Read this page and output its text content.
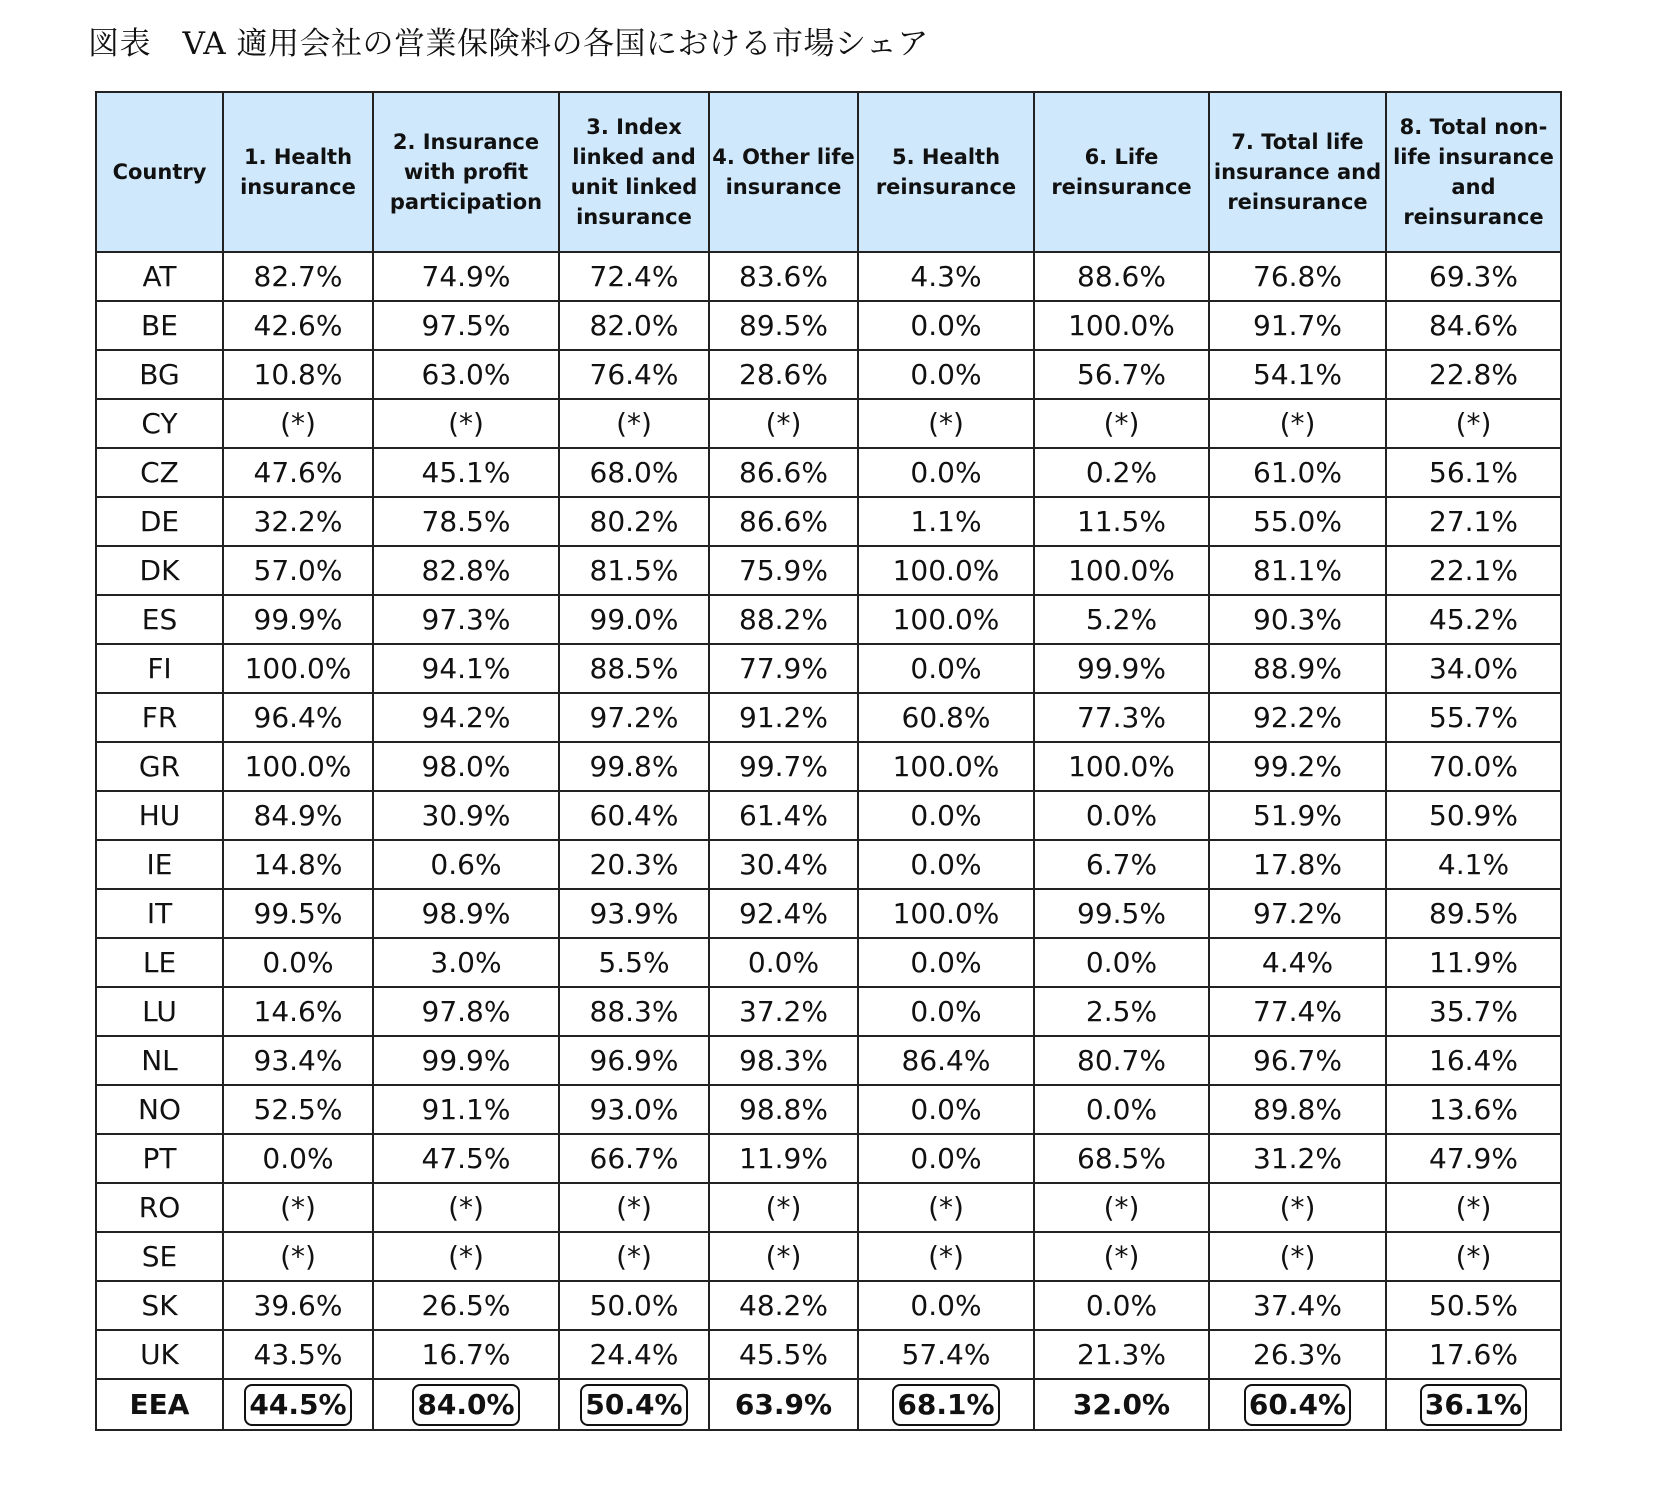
図表　VA 適用会社の営業保険料の各国における市場シェア
Country	1. Health insurance	2. Insurance with profit participation	3. Index linked and unit linked insurance	4. Other life insurance	5. Health reinsurance	6. Life reinsurance	7. Total life insurance and reinsurance	8. Total non-life insurance and reinsurance
AT	82.7%	74.9%	72.4%	83.6%	4.3%	88.6%	76.8%	69.3%
BE	42.6%	97.5%	82.0%	89.5%	0.0%	100.0%	91.7%	84.6%
BG	10.8%	63.0%	76.4%	28.6%	0.0%	56.7%	54.1%	22.8%
CY	(*)	(*)	(*)	(*)	(*)	(*)	(*)	(*)
CZ	47.6%	45.1%	68.0%	86.6%	0.0%	0.2%	61.0%	56.1%
DE	32.2%	78.5%	80.2%	86.6%	1.1%	11.5%	55.0%	27.1%
DK	57.0%	82.8%	81.5%	75.9%	100.0%	100.0%	81.1%	22.1%
ES	99.9%	97.3%	99.0%	88.2%	100.0%	5.2%	90.3%	45.2%
FI	100.0%	94.1%	88.5%	77.9%	0.0%	99.9%	88.9%	34.0%
FR	96.4%	94.2%	97.2%	91.2%	60.8%	77.3%	92.2%	55.7%
GR	100.0%	98.0%	99.8%	99.7%	100.0%	100.0%	99.2%	70.0%
HU	84.9%	30.9%	60.4%	61.4%	0.0%	0.0%	51.9%	50.9%
IE	14.8%	0.6%	20.3%	30.4%	0.0%	6.7%	17.8%	4.1%
IT	99.5%	98.9%	93.9%	92.4%	100.0%	99.5%	97.2%	89.5%
LE	0.0%	3.0%	5.5%	0.0%	0.0%	0.0%	4.4%	11.9%
LU	14.6%	97.8%	88.3%	37.2%	0.0%	2.5%	77.4%	35.7%
NL	93.4%	99.9%	96.9%	98.3%	86.4%	80.7%	96.7%	16.4%
NO	52.5%	91.1%	93.0%	98.8%	0.0%	0.0%	89.8%	13.6%
PT	0.0%	47.5%	66.7%	11.9%	0.0%	68.5%	31.2%	47.9%
RO	(*)	(*)	(*)	(*)	(*)	(*)	(*)	(*)
SE	(*)	(*)	(*)	(*)	(*)	(*)	(*)	(*)
SK	39.6%	26.5%	50.0%	48.2%	0.0%	0.0%	37.4%	50.5%
UK	43.5%	16.7%	24.4%	45.5%	57.4%	21.3%	26.3%	17.6%
EEA	44.5%	84.0%	50.4%	63.9%	68.1%	32.0%	60.4%	36.1%
